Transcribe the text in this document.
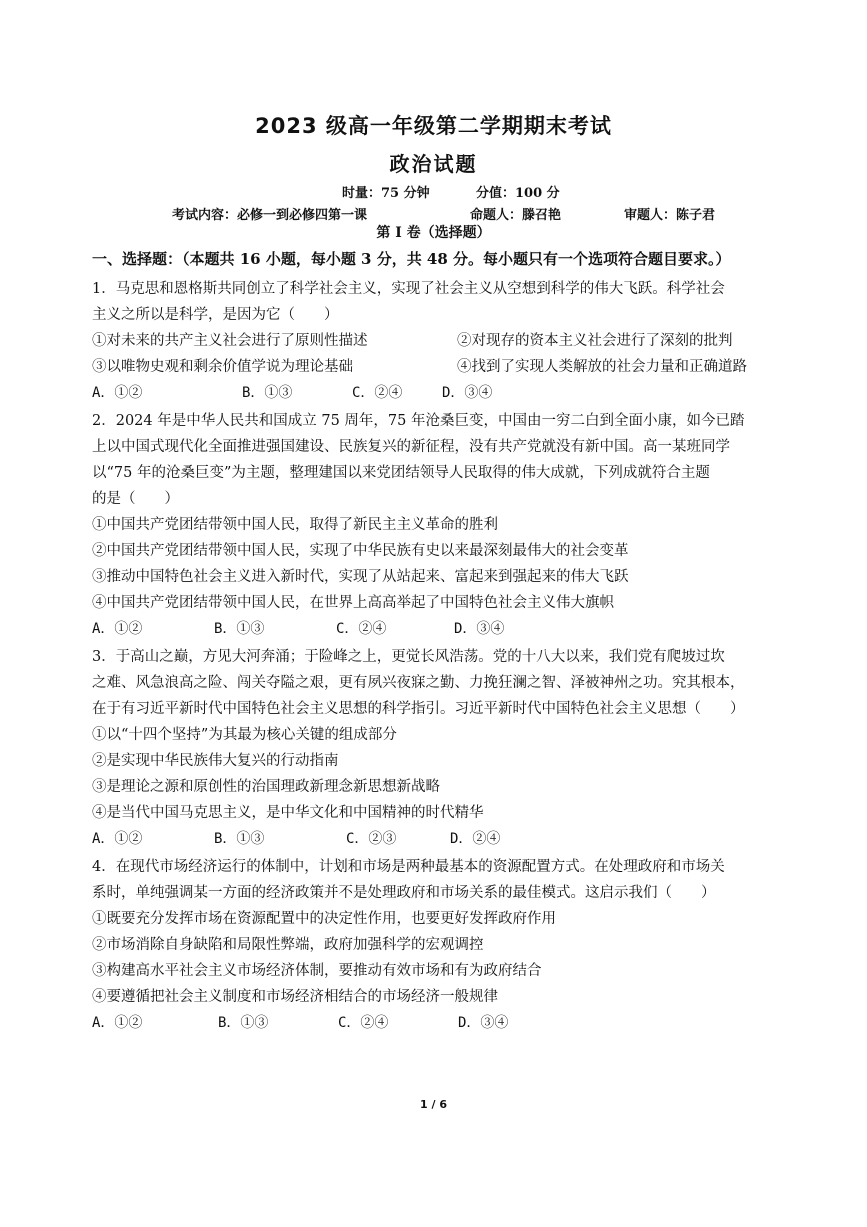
2023 级高一年级第二学期期末考试
政治试题
时量：75 分钟	分值：100 分
考试内容：必修一到必修四第一课	命题人：滕召艳	审题人：陈子君
第 I 卷（选择题）
一、选择题：（本题共 16 小题，每小题 3 分，共 48 分。每小题只有一个选项符合题目要求。）

1．马克思和恩格斯共同创立了科学社会主义，实现了社会主义从空想到科学的伟大飞跃。科学社会

主义之所以是科学，是因为它（　　）

①对未来的共产主义社会进行了原则性描述	②对现存的资本主义社会进行了深刻的批判
③以唯物史观和剩余价值学说为理论基础	④找到了实现人类解放的社会力量和正确道路
A．①②	B．①③	C．②④	D．③④

2．2024 年是中华人民共和国成立 75 周年，75 年沧桑巨变，中国由一穷二白到全面小康，如今已踏

上以中国式现代化全面推进强国建设、民族复兴的新征程，没有共产党就没有新中国。高一某班同学

以“75 年的沧桑巨变”为主题，整理建国以来党团结领导人民取得的伟大成就，下列成就符合主题

的是（　　）

①中国共产党团结带领中国人民，取得了新民主主义革命的胜利

②中国共产党团结带领中国人民，实现了中华民族有史以来最深刻最伟大的社会变革

③推动中国特色社会主义进入新时代，实现了从站起来、富起来到强起来的伟大飞跃

④中国共产党团结带领中国人民，在世界上高高举起了中国特色社会主义伟大旗帜

A．①②	B．①③	C．②④	D．③④

3．于高山之巅，方见大河奔涌；于险峰之上，更觉长风浩荡。党的十八大以来，我们党有爬坡过坎

之难、风急浪高之险、闯关夺隘之艰，更有夙兴夜寐之勤、力挽狂澜之智、泽被神州之功。究其根本，

在于有习近平新时代中国特色社会主义思想的科学指引。习近平新时代中国特色社会主义思想（　　）

①以“十四个坚持”为其最为核心关键的组成部分

②是实现中华民族伟大复兴的行动指南

③是理论之源和原创性的治国理政新理念新思想新战略

④是当代中国马克思主义，是中华文化和中国精神的时代精华

A．①②	B．①③	C．②③	D．②④

4．在现代市场经济运行的体制中，计划和市场是两种最基本的资源配置方式。在处理政府和市场关

系时，单纯强调某一方面的经济政策并不是处理政府和市场关系的最佳模式。这启示我们（　　）

①既要充分发挥市场在资源配置中的决定性作用，也要更好发挥政府作用

②市场消除自身缺陷和局限性弊端，政府加强科学的宏观调控

③构建高水平社会主义市场经济体制，要推动有效市场和有为政府结合

④要遵循把社会主义制度和市场经济相结合的市场经济一般规律

A．①②	B．①③	C．②④	D．③④
1 / 6
